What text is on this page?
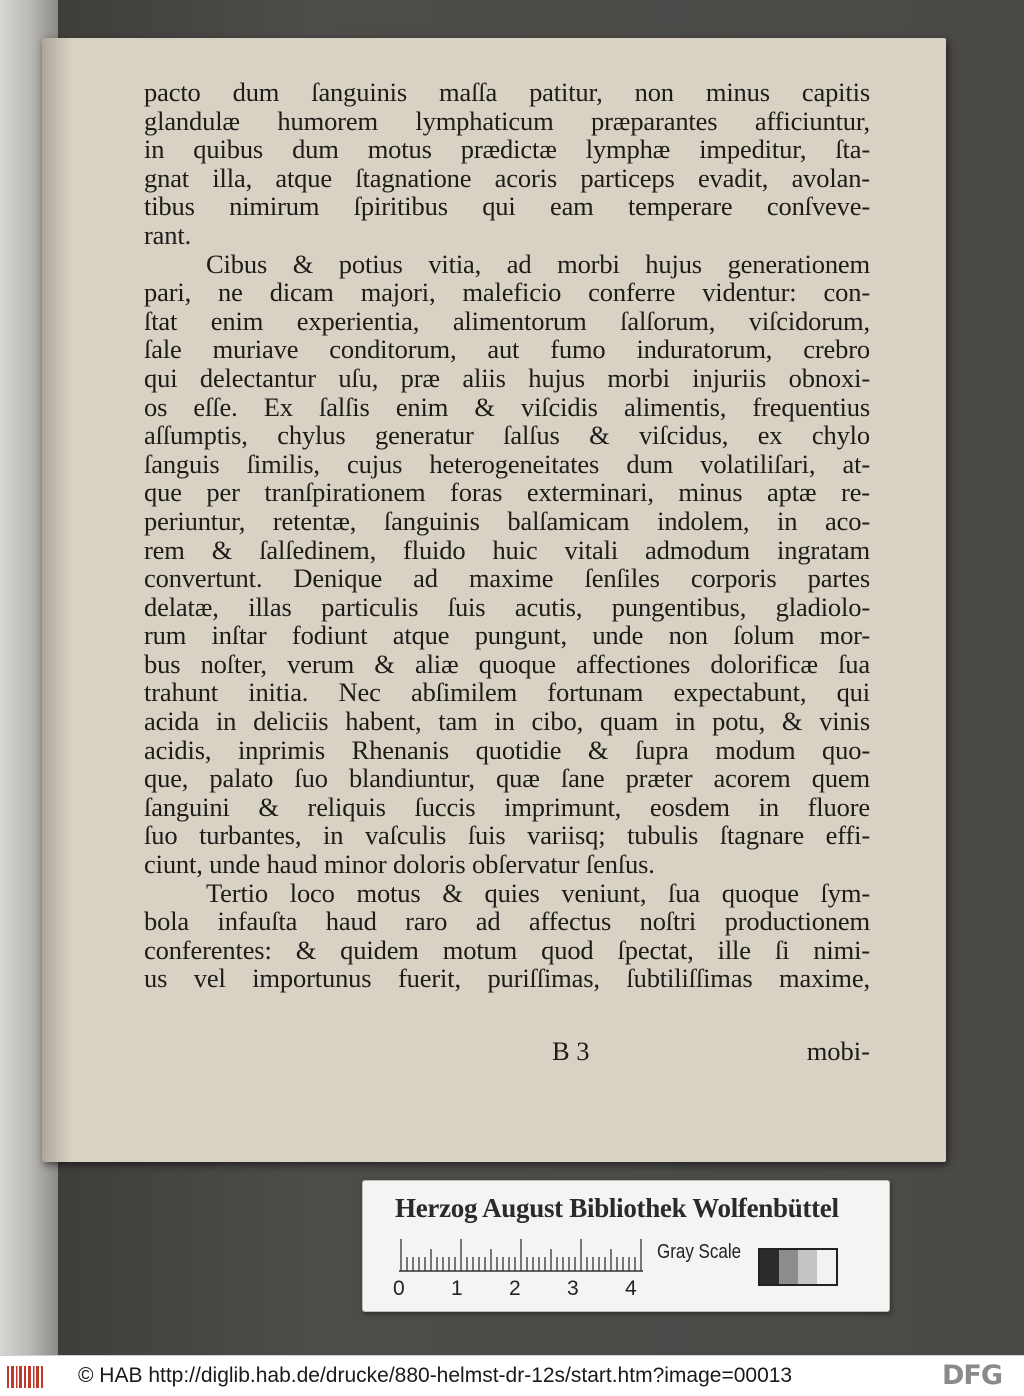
pacto dum ſanguinis maſſa patitur, non minus capitis
glandulæ humorem lymphaticum præparantes afficiuntur,
in quibus dum motus prædictæ lymphæ impeditur, ſta-
gnat illa, atque ſtagnatione acoris particeps evadit, avolan-
tibus nimirum ſpiritibus qui eam temperare conſveve-
rant.
Cibus & potius vitia, ad morbi hujus generationem
pari, ne dicam majori, maleficio conferre videntur: con-
ſtat enim experientia, alimentorum ſalſorum, viſcidorum,
ſale muriave conditorum, aut fumo induratorum, crebro
qui delectantur uſu, præ aliis hujus morbi injuriis obnoxi-
os eſſe. Ex ſalſis enim & viſcidis alimentis, frequentius
aſſumptis, chylus generatur ſalſus & viſcidus, ex chylo
ſanguis ſimilis, cujus heterogeneitates dum volatiliſari, at-
que per tranſpirationem foras exterminari, minus aptæ re-
periuntur, retentæ, ſanguinis balſamicam indolem, in aco-
rem & ſalſedinem, fluido huic vitali admodum ingratam
convertunt. Denique ad maxime ſenſiles corporis partes
delatæ, illas particulis ſuis acutis, pungentibus, gladiolo-
rum inſtar fodiunt atque pungunt, unde non ſolum mor-
bus noſter, verum & aliæ quoque affectiones dolorificæ ſua
trahunt initia. Nec abſimilem fortunam expectabunt, qui
acida in deliciis habent, tam in cibo, quam in potu, & vinis
acidis, inprimis Rhenanis quotidie & ſupra modum quo-
que, palato ſuo blandiuntur, quæ ſane præter acorem quem
ſanguini & reliquis ſuccis imprimunt, eosdem in fluore
ſuo turbantes, in vaſculis ſuis variisq; tubulis ſtagnare effi-
ciunt, unde haud minor doloris obſervatur ſenſus.
Tertio loco motus & quies veniunt, ſua quoque ſym-
bola infauſta haud raro ad affectus noſtri productionem
conferentes: & quidem motum quod ſpectat, ille ſi nimi-
us vel importunus fuerit, puriſſimas, ſubtiliſſimas maxime,
B 3	mobi-
Herzog August Bibliothek Wolfenbüttel
0 1 2 3 4
Gray Scale
© HAB http://diglib.hab.de/drucke/880-helmst-dr-12s/start.htm?image=00013	DFG
